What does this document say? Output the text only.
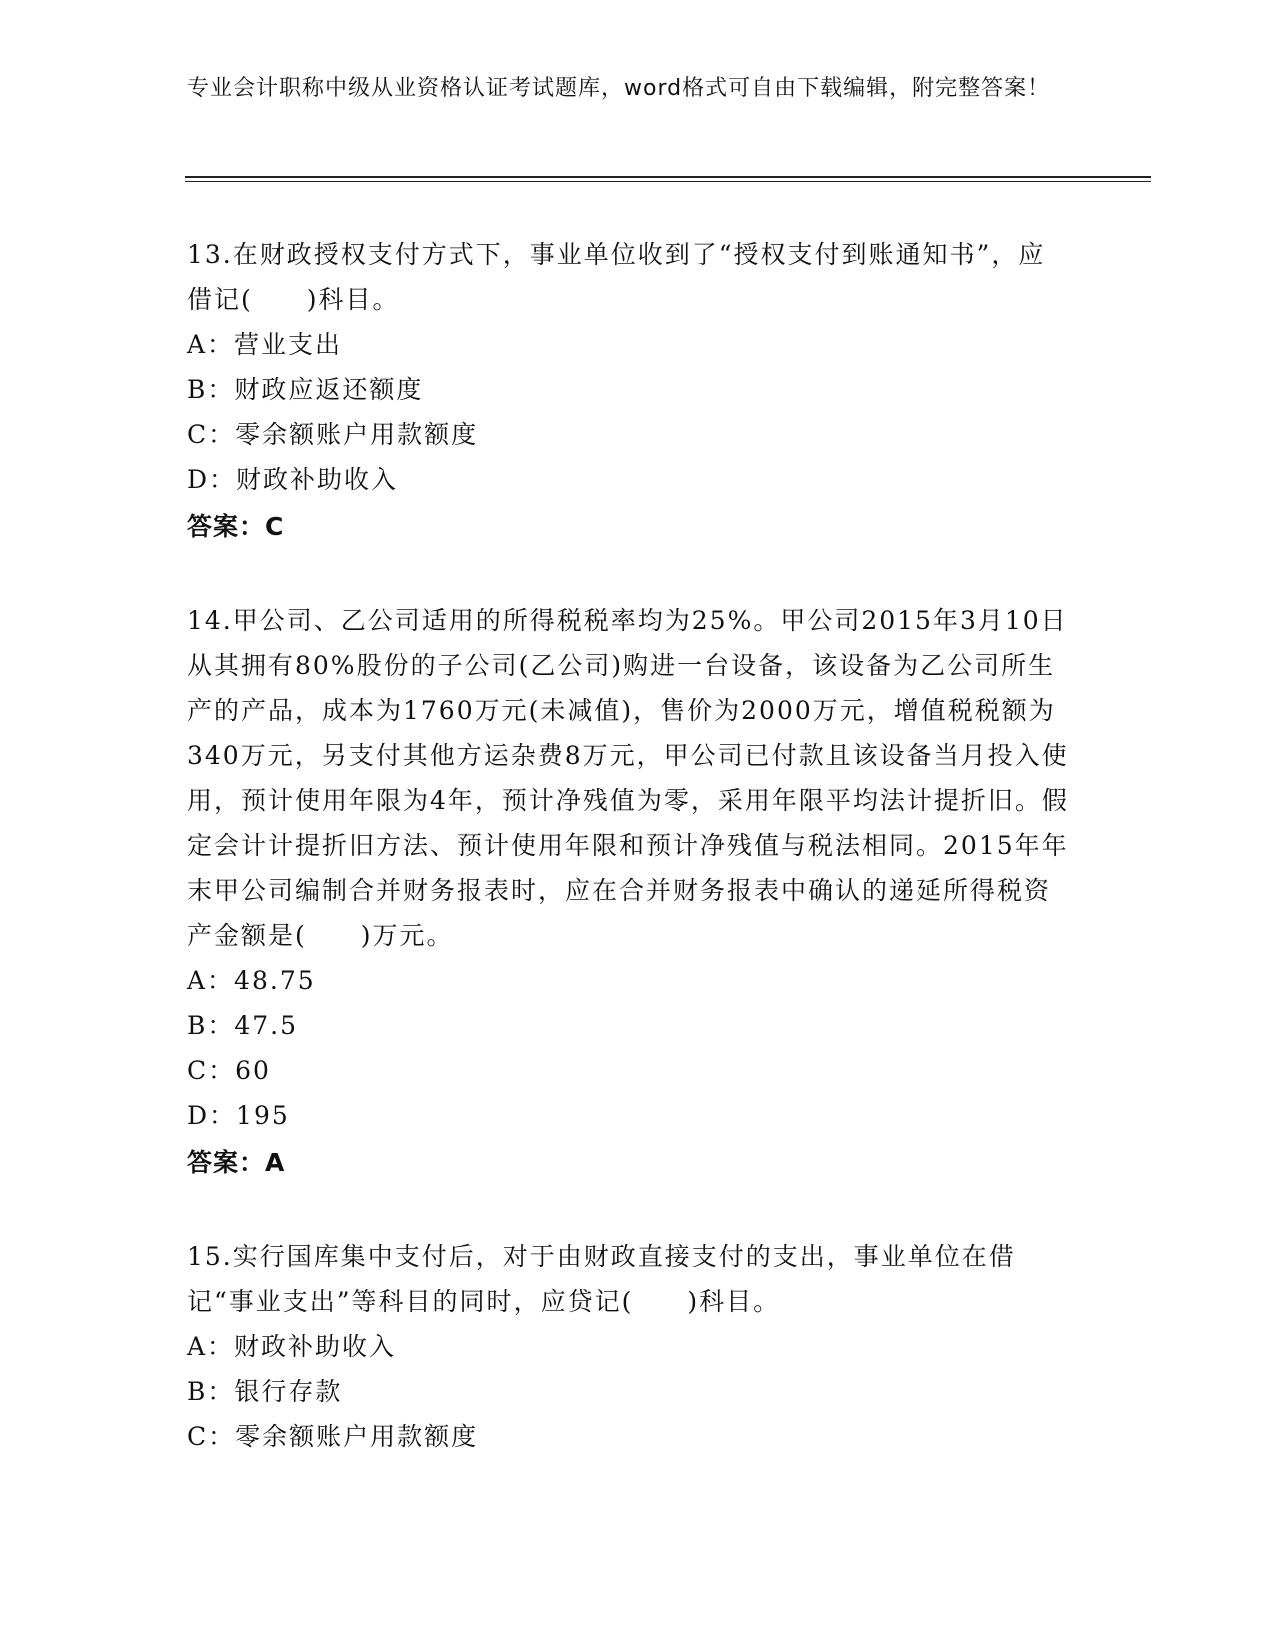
专业会计职称中级从业资格认证考试题库，word格式可自由下载编辑，附完整答案！
13.在财政授权支付方式下，事业单位收到了“授权支付到账通知书”，应借记(　　)科目。
A：营业支出
B：财政应返还额度
C：零余额账户用款额度
D：财政补助收入
答案：C
14.甲公司、乙公司适用的所得税税率均为25%。甲公司2015年3月10日从其拥有80%股份的子公司(乙公司)购进一台设备，该设备为乙公司所生产的产品，成本为1760万元(未减值)，售价为2000万元，增值税税额为340万元，另支付其他方运杂费8万元，甲公司已付款且该设备当月投入使用，预计使用年限为4年，预计净残值为零，采用年限平均法计提折旧。假定会计计提折旧方法、预计使用年限和预计净残值与税法相同。2015年年末甲公司编制合并财务报表时，应在合并财务报表中确认的递延所得税资产金额是(　　)万元。
A：48.75
B：47.5
C：60
D：195
答案：A
15.实行国库集中支付后，对于由财政直接支付的支出，事业单位在借记“事业支出”等科目的同时，应贷记(　　)科目。
A：财政补助收入
B：银行存款
C：零余额账户用款额度
